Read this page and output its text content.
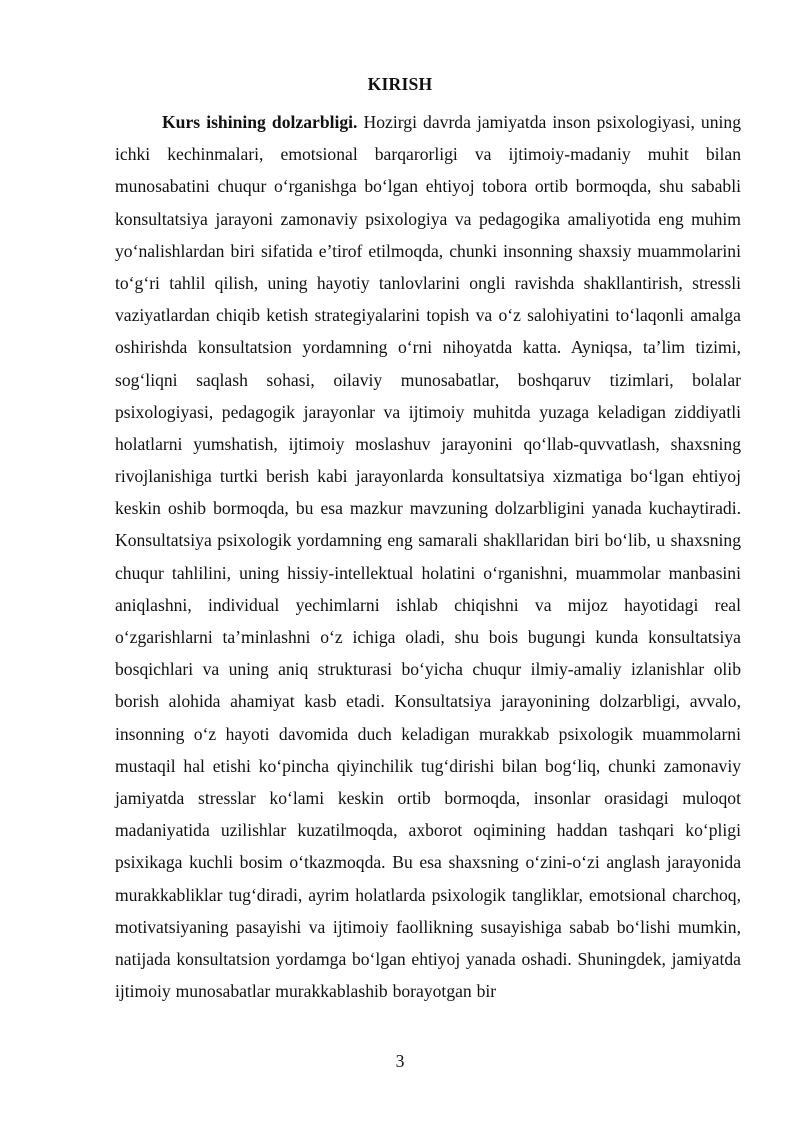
KIRISH

Kurs ishining dolzarbligi. Hozirgi davrda jamiyatda inson psixologiyasi, uning ichki kechinmalari, emotsional barqarorligi va ijtimoiy-madaniy muhit bilan munosabatini chuqur o‘rganishga bo‘lgan ehtiyoj tobora ortib bormoqda, shu sababli konsultatsiya jarayoni zamonaviy psixologiya va pedagogika amaliyotida eng muhim yo‘nalishlardan biri sifatida e’tirof etilmoqda, chunki insonning shaxsiy muammolarini to‘g‘ri tahlil qilish, uning hayotiy tanlovlarini ongli ravishda shakllantirish, stressli vaziyatlardan chiqib ketish strategiyalarini topish va o‘z salohiyatini to‘laqonli amalga oshirishda konsultatsion yordamning o‘rni nihoyatda katta. Ayniqsa, ta’lim tizimi, sog‘liqni saqlash sohasi, oilaviy munosabatlar, boshqaruv tizimlari, bolalar psixologiyasi, pedagogik jarayonlar va ijtimoiy muhitda yuzaga keladigan ziddiyatli holatlarni yumshatish, ijtimoiy moslashuv jarayonini qo‘llab-quvvatlash, shaxsning rivojlanishiga turtki berish kabi jarayonlarda konsultatsiya xizmatiga bo‘lgan ehtiyoj keskin oshib bormoqda, bu esa mazkur mavzuning dolzarbligini yanada kuchaytiradi. Konsultatsiya psixologik yordamning eng samarali shakllaridan biri bo‘lib, u shaxsning chuqur tahlilini, uning hissiy-intellektual holatini o‘rganishni, muammolar manbasini aniqlashni, individual yechimlarni ishlab chiqishni va mijoz hayotidagi real o‘zgarishlarni ta’minlashni o‘z ichiga oladi, shu bois bugungi kunda konsultatsiya bosqichlari va uning aniq strukturasi bo‘yicha chuqur ilmiy-amaliy izlanishlar olib borish alohida ahamiyat kasb etadi. Konsultatsiya jarayonining dolzarbligi, avvalo, insonning o‘z hayoti davomida duch keladigan murakkab psixologik muammolarni mustaqil hal etishi ko‘pincha qiyinchilik tug‘dirishi bilan bog‘liq, chunki zamonaviy jamiyatda stresslar ko‘lami keskin ortib bormoqda, insonlar orasidagi muloqot madaniyatida uzilishlar kuzatilmoqda, axborot oqimining haddan tashqari ko‘pligi psixikaga kuchli bosim o‘tkazmoqda. Bu esa shaxsning o‘zini-o‘zi anglash jarayonida murakkabliklar tug‘diradi, ayrim holatlarda psixologik tangliklar, emotsional charchoq, motivatsiyaning pasayishi va ijtimoiy faollikning susayishiga sabab bo‘lishi mumkin, natijada konsultatsion yordamga bo‘lgan ehtiyoj yanada oshadi. Shuningdek, jamiyatda ijtimoiy munosabatlar murakkablashib borayotgan bir

3
